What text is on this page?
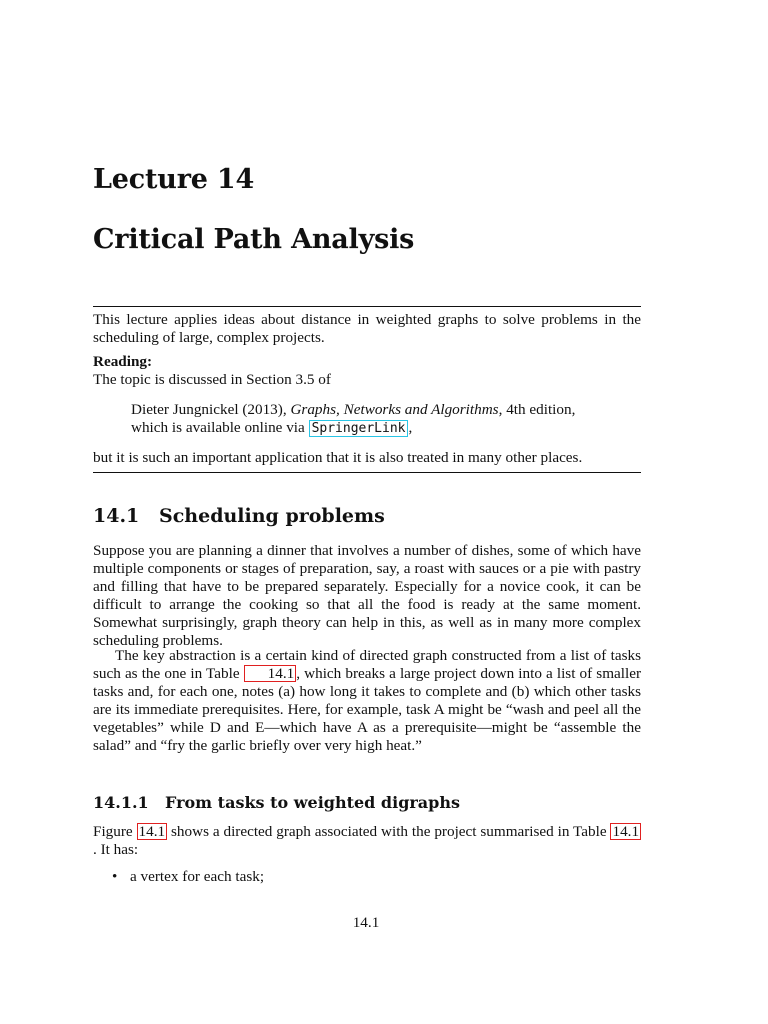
Lecture 14
Critical Path Analysis

This lecture applies ideas about distance in weighted graphs to solve problems in the scheduling of large, complex projects.

Reading:
The topic is discussed in Section 3.5 of
Dieter Jungnickel (2013), Graphs, Networks and Algorithms, 4th edition,
which is available online via SpringerLink ,
but it is such an important application that it is also treated in many other places.
14.1 Scheduling problems

Suppose you are planning a dinner that involves a number of dishes, some of which have multiple components or stages of preparation, say, a roast with sauces or a pie with pastry and filling that have to be prepared separately. Especially for a novice cook, it can be difficult to arrange the cooking so that all the food is ready at the same moment. Somewhat surprisingly, graph theory can help in this, as well as in many more complex scheduling problems.

The key abstraction is a certain kind of directed graph constructed from a list of tasks such as the one in Table 14.1 , which breaks a large project down into a list of smaller tasks and, for each one, notes (a) how long it takes to complete and (b) which other tasks are its immediate prerequisites. Here, for example, task A might be “wash and peel all the vegetables” while D and E—which have A as a prerequisite—might be “assemble the salad” and “fry the garlic briefly over very high heat.”

14.1.1 From tasks to weighted digraphs

Figure 14.1 shows a directed graph associated with the project summarised in Table 14.1. It has:

• a vertex for each task;
14.1
